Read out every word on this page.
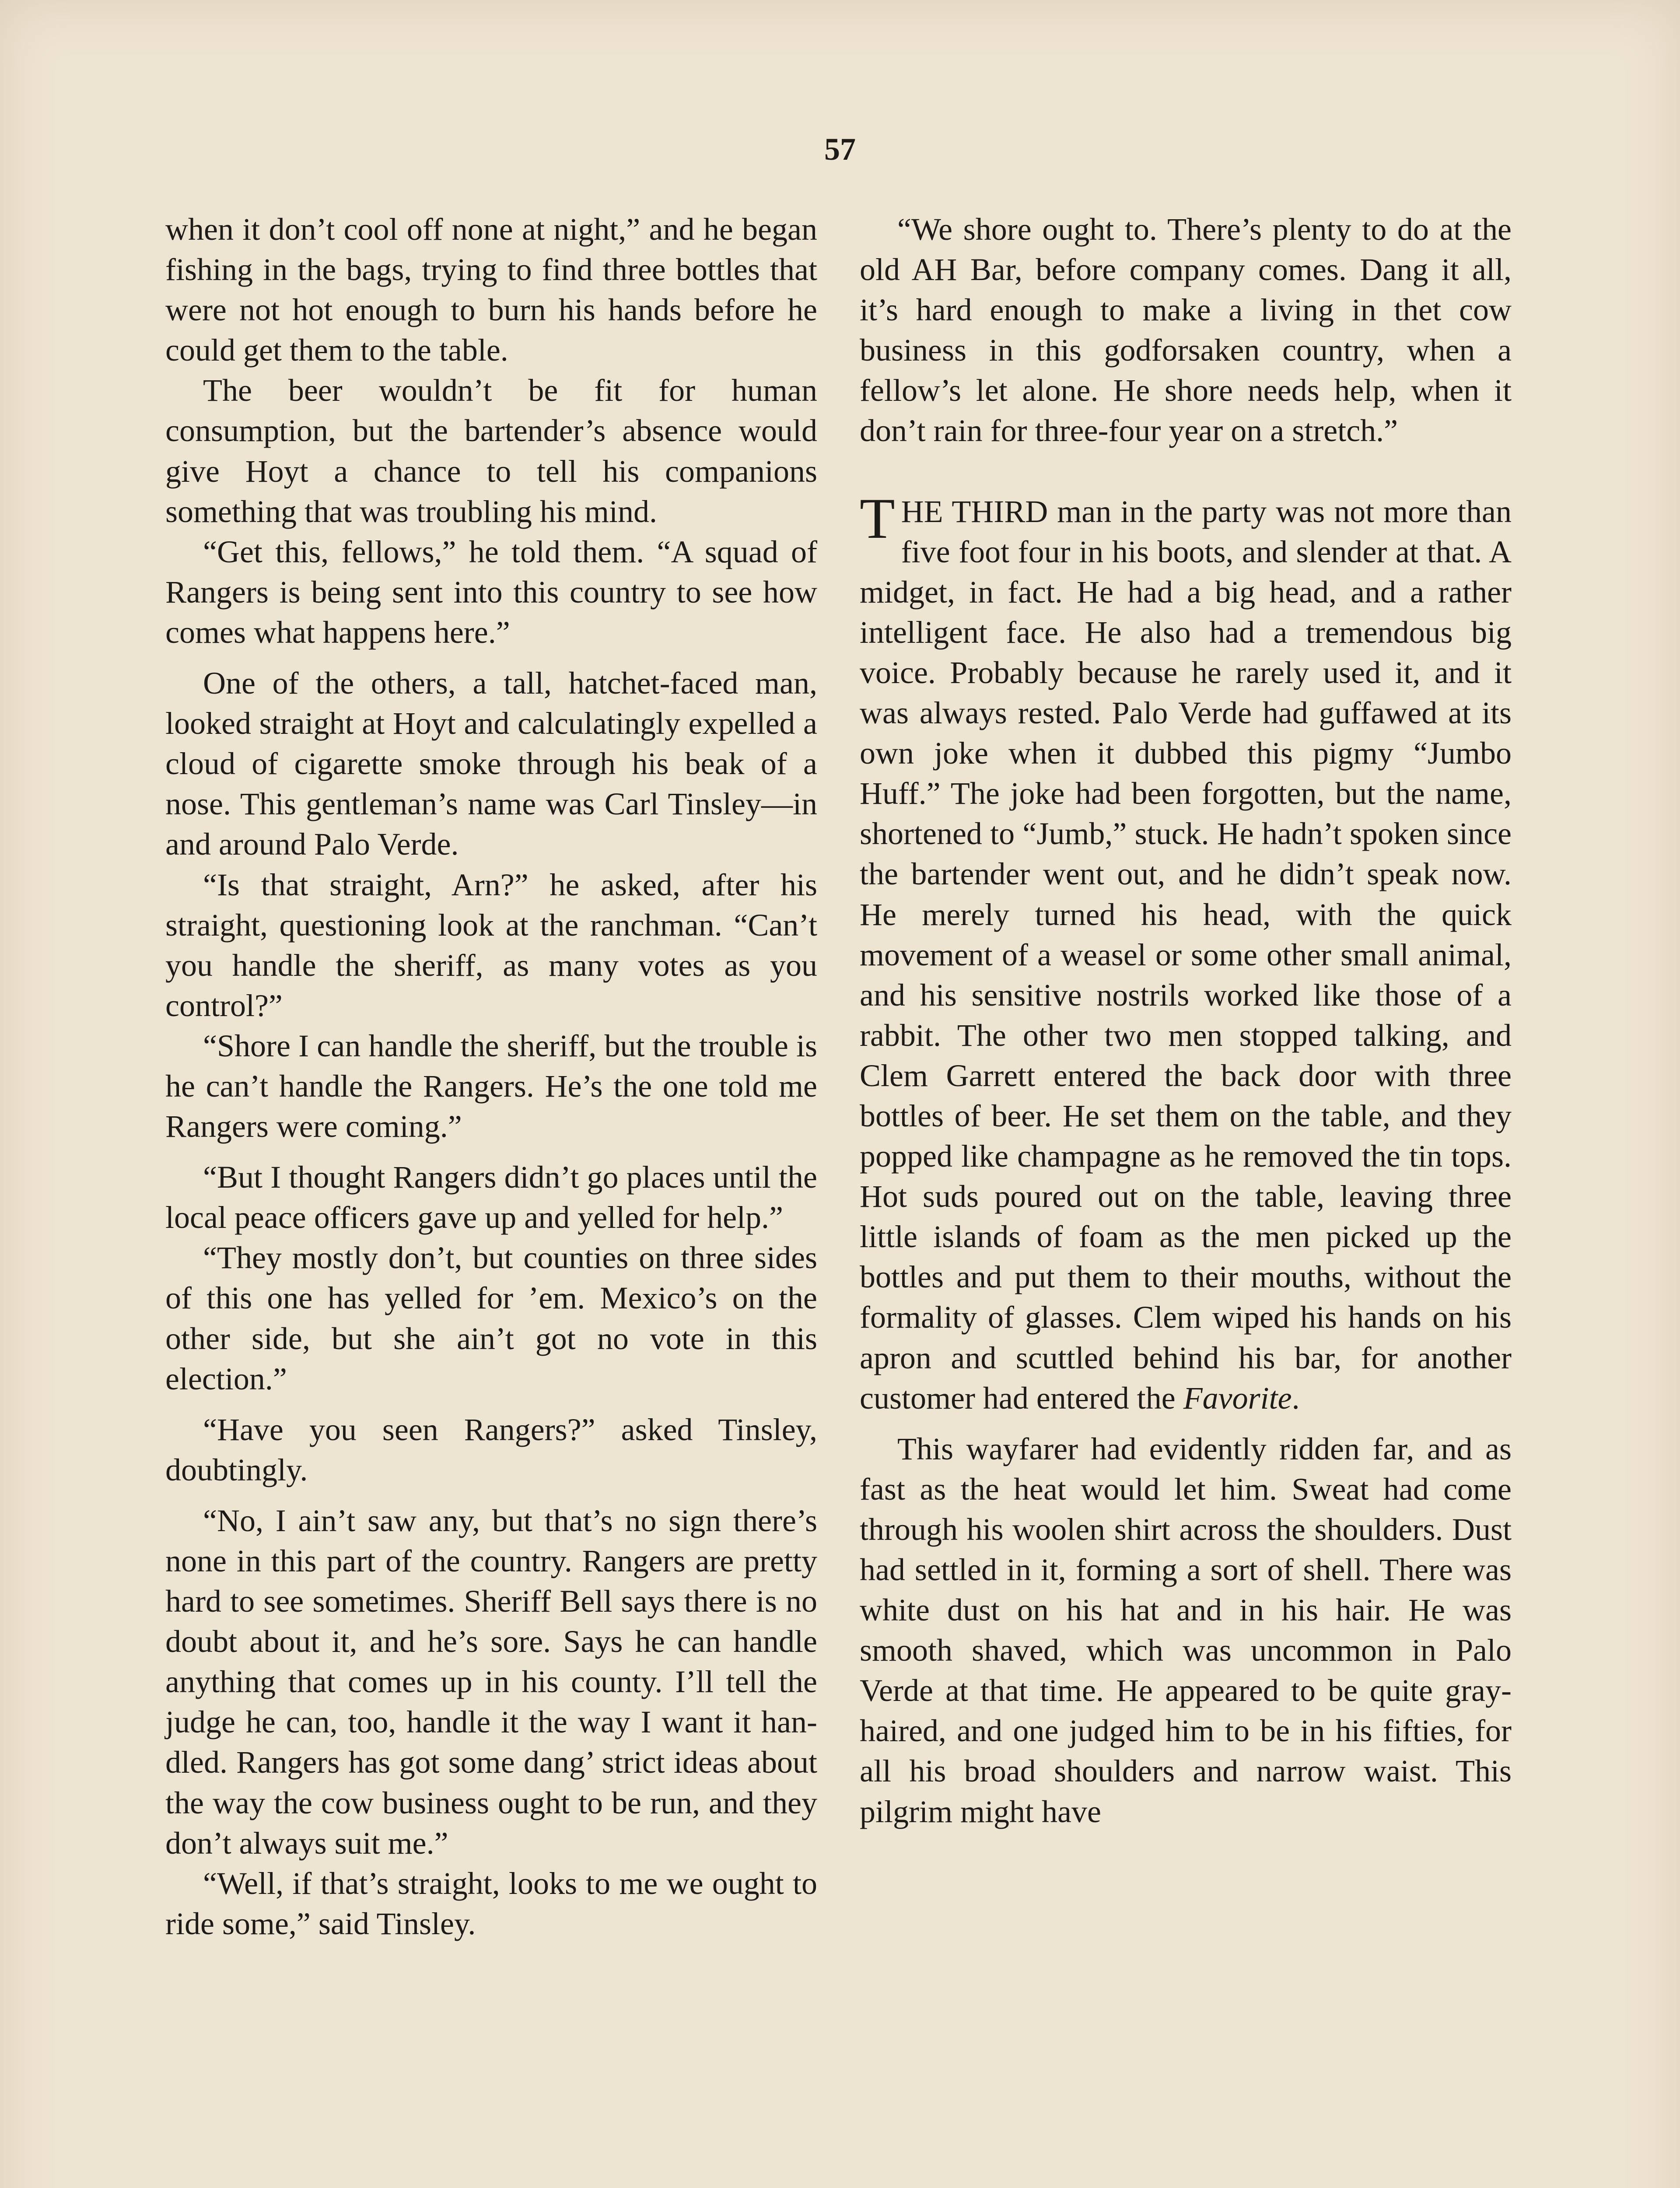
57

when it don’t cool off none at night,” and he began fishing in the bags, trying to find three bottles that were not hot enough to burn his hands before he could get them to the table.

The beer wouldn’t be fit for human consumption, but the bartender’s absence would give Hoyt a chance to tell his companions something that was troubling his mind.

“Get this, fellows,” he told them. “A squad of Rangers is being sent into this country to see how comes what happens here.”

One of the others, a tall, hatchet-faced man, looked straight at Hoyt and calculatingly expelled a cloud of cigarette smoke through his beak of a nose. This gentleman’s name was Carl Tinsley—in and around Palo Verde.

“Is that straight, Arn?” he asked, after his straight, questioning look at the ranchman. “Can’t you handle the sheriff, as many votes as you control?”

“Shore I can handle the sheriff, but the trouble is he can’t handle the Rangers. He’s the one told me Rangers were coming.”

“But I thought Rangers didn’t go places until the local peace officers gave up and yelled for help.”

“They mostly don’t, but counties on three sides of this one has yelled for ’em. Mexico’s on the other side, but she ain’t got no vote in this election.”

“Have you seen Rangers?” asked Tinsley, doubtingly.

“No, I ain’t saw any, but that’s no sign there’s none in this part of the country. Rangers are pretty hard to see sometimes. Sheriff Bell says there is no doubt about it, and he’s sore. Says he can handle anything that comes up in his county. I’ll tell the judge he can, too, handle it the way I want it handled. Rangers has got some dang’ strict ideas about the way the cow business ought to be run, and they don’t always suit me.”

“Well, if that’s straight, looks to me we ought to ride some,” said Tinsley.

“We shore ought to. There’s plenty to do at the old AH Bar, before company comes. Dang it all, it’s hard enough to make a living in thet cow business in this godforsaken country, when a fellow’s let alone. He shore needs help, when it don’t rain for three-four year on a stretch.”

T HE THIRD man in the party was not more than five foot four in his boots, and slender at that. A midget, in fact. He had a big head, and a rather intelligent face. He also had a tremendous big voice. Probably because he rarely used it, and it was always rested. Palo Verde had guffawed at its own joke when it dubbed this pigmy “Jumbo Huff.” The joke had been forgotten, but the name, shortened to “Jumb,” stuck. He hadn’t spoken since the bartender went out, and he didn’t speak now. He merely turned his head, with the quick movement of a weasel or some other small animal, and his sensitive nostrils worked like those of a rabbit. The other two men stopped talking, and Clem Garrett entered the back door with three bottles of beer. He set them on the table, and they popped like champagne as he removed the tin tops. Hot suds poured out on the table, leaving three little islands of foam as the men picked up the bottles and put them to their mouths, without the formality of glasses. Clem wiped his hands on his apron and scuttled behind his bar, for another customer had entered the Favorite.

This wayfarer had evidently ridden far, and as fast as the heat would let him. Sweat had come through his woolen shirt across the shoulders. Dust had settled in it, forming a sort of shell. There was white dust on his hat and in his hair. He was smooth shaved, which was uncommon in Palo Verde at that time. He appeared to be quite gray-haired, and one judged him to be in his fifties, for all his broad shoulders and narrow waist. This pilgrim might have
